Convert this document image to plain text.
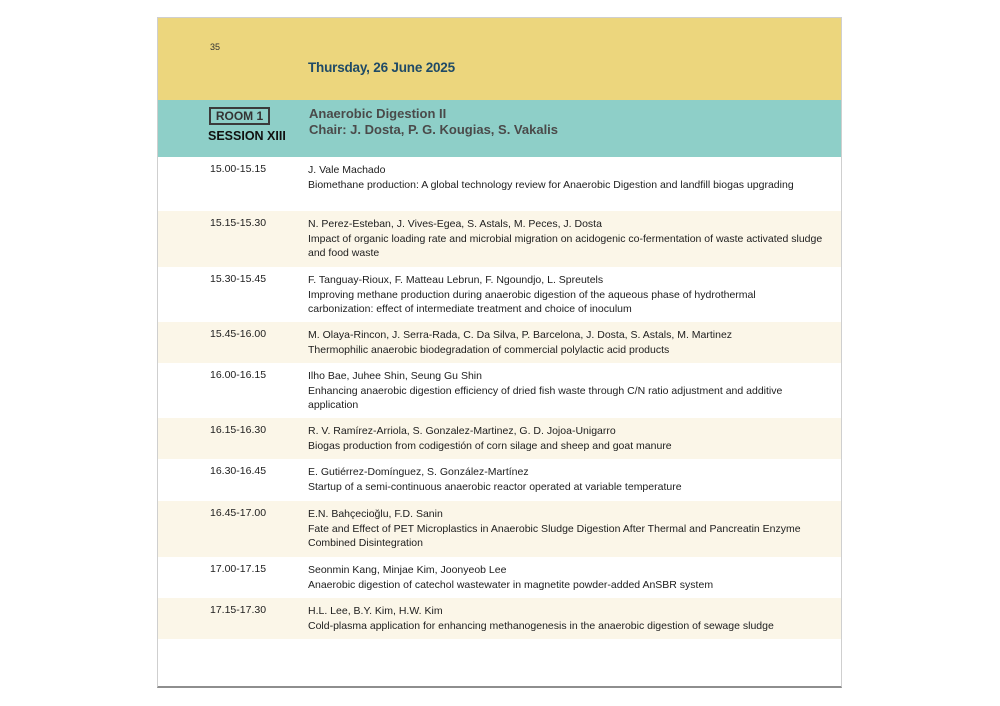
35
Thursday, 26 June 2025
ROOM 1
SESSION XIII
Anaerobic Digestion II
Chair: J. Dosta, P. G. Kougias, S. Vakalis
15.00-15.15	J. Vale Machado
Biomethane production: A global technology review for Anaerobic Digestion and landfill biogas upgrading
15.15-15.30	N. Perez-Esteban, J. Vives-Egea, S. Astals, M. Peces, J. Dosta
Impact of organic loading rate and microbial migration on acidogenic co-fermentation of waste activated sludge and food waste
15.30-15.45	F. Tanguay-Rioux, F. Matteau Lebrun, F. Ngoundjo, L. Spreutels
Improving methane production during anaerobic digestion of the aqueous phase of hydrothermal carbonization: effect of intermediate treatment and choice of inoculum
15.45-16.00	M. Olaya-Rincon, J. Serra-Rada, C. Da Silva, P. Barcelona, J. Dosta, S. Astals, M. Martinez
Thermophilic anaerobic biodegradation of commercial polylactic acid products
16.00-16.15	Ilho Bae, Juhee Shin, Seung Gu Shin
Enhancing anaerobic digestion efficiency of dried fish waste through C/N ratio adjustment and additive application
16.15-16.30	R. V. Ramírez-Arriola, S. Gonzalez-Martinez, G. D. Jojoa-Unigarro
Biogas production from codigestión of corn silage and sheep and goat manure
16.30-16.45	E. Gutiérrez-Domínguez, S. González-Martínez
Startup of a semi-continuous anaerobic reactor operated at variable temperature
16.45-17.00	E.N. Bahçecioğlu, F.D. Sanin
Fate and Effect of PET Microplastics in Anaerobic Sludge Digestion After Thermal and Pancreatin Enzyme Combined Disintegration
17.00-17.15	Seonmin Kang, Minjae Kim, Joonyeob Lee
Anaerobic digestion of catechol wastewater in magnetite powder-added AnSBR system
17.15-17.30	H.L. Lee, B.Y. Kim, H.W. Kim
Cold-plasma application for enhancing methanogenesis in the anaerobic digestion of sewage sludge
